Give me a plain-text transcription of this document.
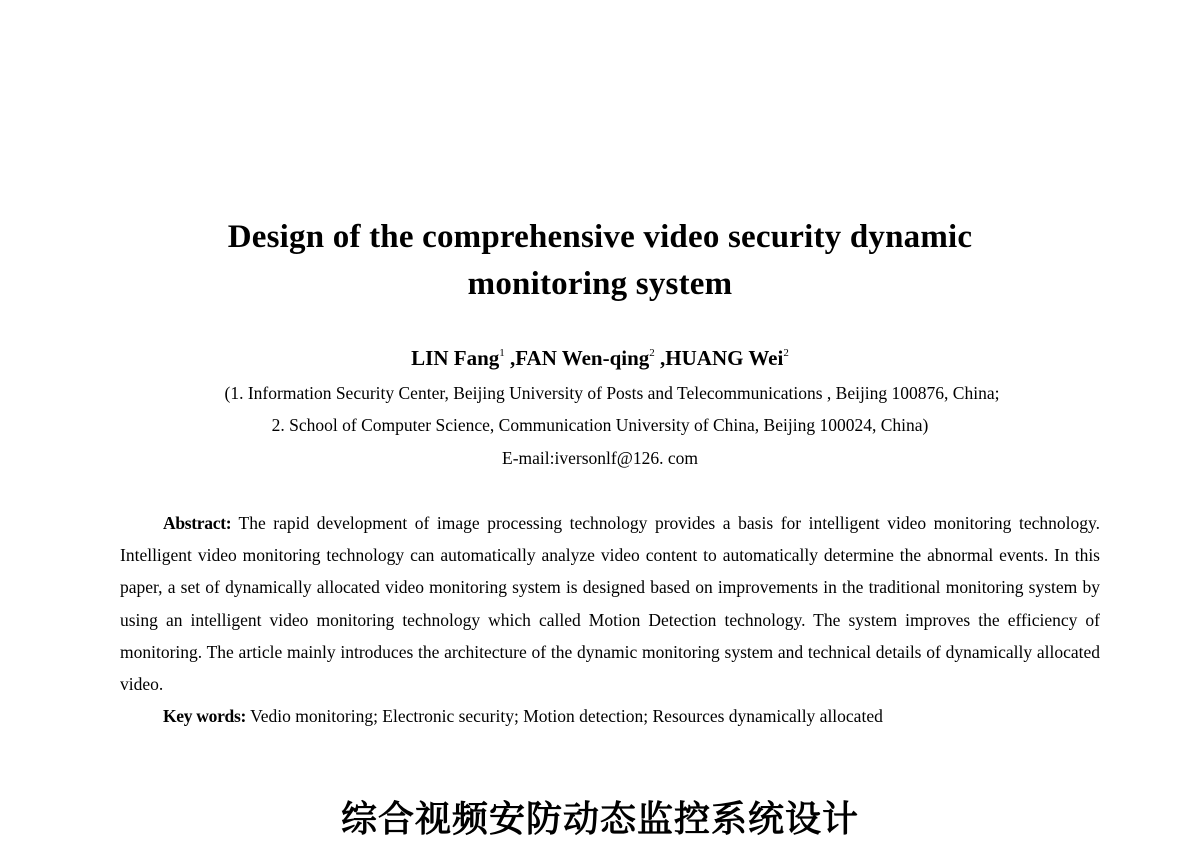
Design of the comprehensive video security dynamic
monitoring system
LIN Fang$^1$ ,FAN Wen-qing$^2$ ,HUANG Wei$^2$
(1. Information Security Center, Beijing University of Posts and Telecommunications , Beijing 100876, China;
2. School of Computer Science, Communication University of China, Beijing 100024, China)
E-mail:iversonlf@126. com

Abstract: The rapid development of image processing technology provides a basis for intelligent video monitoring technology. Intelligent video monitoring technology can automatically analyze video content to automatically determine the abnormal events. In this paper, a set of dynamically allocated video monitoring system is designed based on improvements in the traditional monitoring system by using an intelligent video monitoring technology which called Motion Detection technology. The system improves the efficiency of monitoring. The article mainly introduces the architecture of the dynamic monitoring system and technical details of dynamically allocated video.

Key words: Vedio monitoring; Electronic security; Motion detection; Resources dynamically allocated
综合视频安防动态监控系统设计
